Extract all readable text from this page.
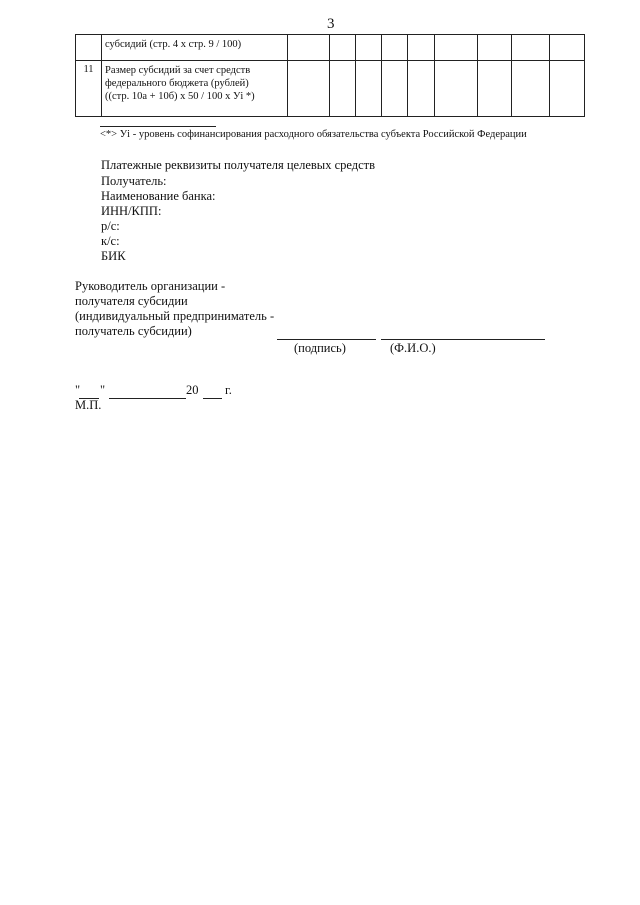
3
	субсидий (стр. 4 x стр. 9 / 100)									
11	Размер субсидий за счет средств
федерального бюджета (рублей)
((стр. 10а + 10б) x 50 / 100 x Уi *)									

<*> Уi - уровень софинансирования расходного обязательства субъекта Российской Федерации
Платежные реквизиты получателя целевых средств
Получатель:
Наименование банка:
ИНН/КПП:
р/с:
к/с:
БИК
Руководитель организации -
получателя субсидии
(индивидуальный предприниматель -
получатель субсидии)
(подпись)	(Ф.И.О.)
" "	20 г.
М.П.
